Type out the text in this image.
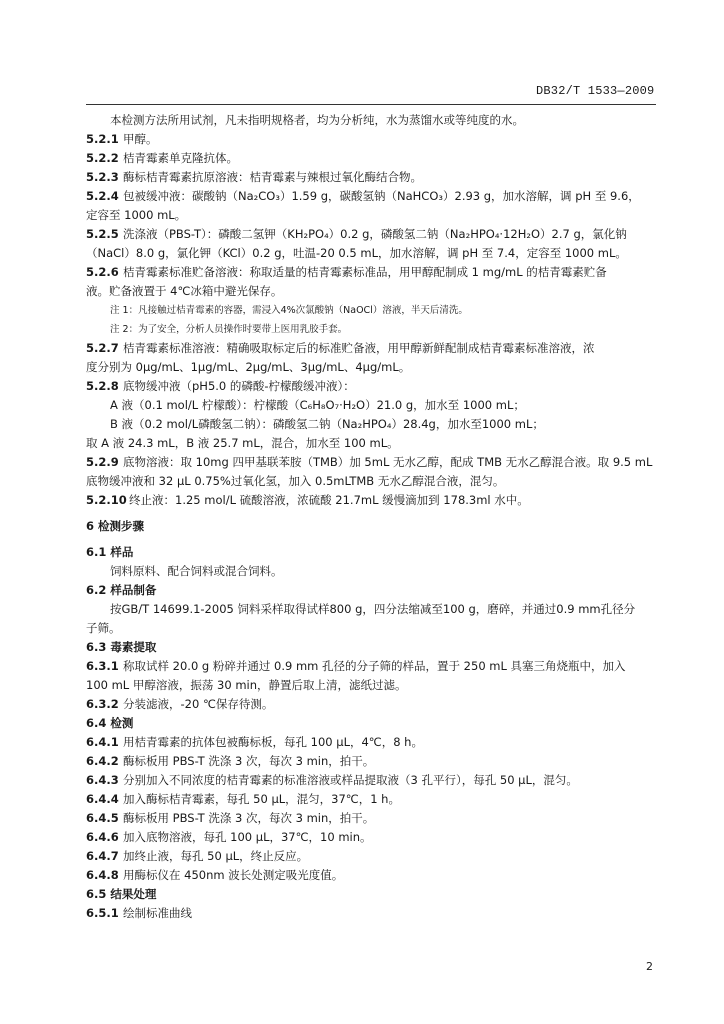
DB32/T 1533—2009
本检测方法所用试剂，凡未指明规格者，均为分析纯，水为蒸馏水或等纯度的水。
5.2.1 甲醇。
5.2.2 桔青霉素单克隆抗体。
5.2.3 酶标桔青霉素抗原溶液：桔青霉素与辣根过氧化酶结合物。
5.2.4 包被缓冲液：碳酸钠（Na₂CO₃）1.59 g，碳酸氢钠（NaHCO₃）2.93 g，加水溶解，调 pH 至 9.6，
定容至 1000 mL。
5.2.5 洗涤液（PBS-T）：磷酸二氢钾（KH₂PO₄）0.2 g，磷酸氢二钠（Na₂HPO₄·12H₂O）2.7 g，氯化钠
（NaCl）8.0 g，氯化钾（KCl）0.2 g，吐温-20 0.5 mL，加水溶解，调 pH 至 7.4，定容至 1000 mL。
5.2.6 桔青霉素标准贮备溶液：称取适量的桔青霉素标准品，用甲醇配制成 1 mg/mL 的桔青霉素贮备
液。贮备液置于 4℃冰箱中避光保存。
注 1：凡接触过桔青霉素的容器，需浸入4%次氯酸钠（NaOCl）溶液，半天后清洗。
注 2：为了安全，分析人员操作时要带上医用乳胶手套。
5.2.7 桔青霉素标准溶液：精确吸取标定后的标准贮备液，用甲醇新鲜配制成桔青霉素标准溶液，浓
度分别为 0μg/mL、1μg/mL、2μg/mL、3μg/mL、4μg/mL。
5.2.8 底物缓冲液（pH5.0 的磷酸-柠檬酸缓冲液）：
A 液（0.1 mol/L 柠檬酸）：柠檬酸（C₆H₈O₇·H₂O）21.0 g，加水至 1000 mL；
B 液（0.2 mol/L磷酸氢二钠）：磷酸氢二钠（Na₂HPO₄）28.4g，加水至1000 mL；
取 A 液 24.3 mL，B 液 25.7 mL，混合，加水至 100 mL。
5.2.9 底物溶液：取 10mg 四甲基联苯胺（TMB）加 5mL 无水乙醇，配成 TMB 无水乙醇混合液。取 9.5 mL
底物缓冲液和 32 μL 0.75%过氧化氢，加入 0.5mLTMB 无水乙醇混合液，混匀。
5.2.10 终止液：1.25 mol/L 硫酸溶液，浓硫酸 21.7mL 缓慢滴加到 178.3ml 水中。
6 检测步骤
6.1 样品
饲料原料、配合饲料或混合饲料。
6.2 样品制备
按GB/T 14699.1-2005 饲料采样取得试样800 g，四分法缩减至100 g，磨碎，并通过0.9 mm孔径分
子筛。
6.3 毒素提取
6.3.1 称取试样 20.0 g 粉碎并通过 0.9 mm 孔径的分子筛的样品，置于 250 mL 具塞三角烧瓶中，加入
100 mL 甲醇溶液，振荡 30 min，静置后取上清，滤纸过滤。
6.3.2 分装滤液，-20 ℃保存待测。
6.4 检测
6.4.1 用桔青霉素的抗体包被酶标板，每孔 100 μL，4℃，8 h。
6.4.2 酶标板用 PBS-T 洗涤 3 次，每次 3 min，拍干。
6.4.3 分别加入不同浓度的桔青霉素的标准溶液或样品提取液（3 孔平行），每孔 50 μL，混匀。
6.4.4 加入酶标桔青霉素，每孔 50 μL，混匀，37℃，1 h。
6.4.5 酶标板用 PBS-T 洗涤 3 次，每次 3 min，拍干。
6.4.6 加入底物溶液，每孔 100 μL，37℃，10 min。
6.4.7 加终止液，每孔 50 μL，终止反应。
6.4.8 用酶标仪在 450nm 波长处测定吸光度值。
6.5 结果处理
6.5.1 绘制标准曲线
2
